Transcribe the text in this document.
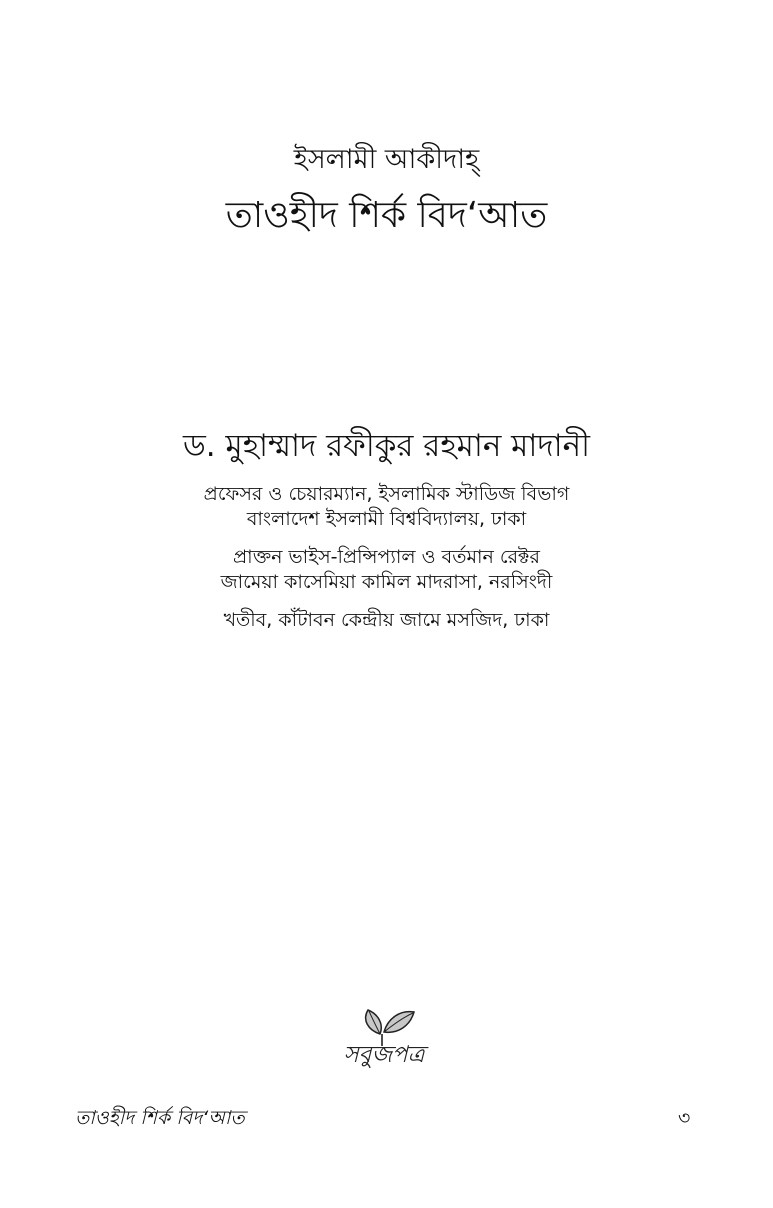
ইসলামী আকীদাহ্
তাওহীদ শির্ক বিদ‘আত
ড. মুহাম্মাদ রফীকুর রহমান মাদানী
প্রফেসর ও চেয়ারম্যান, ইসলামিক স্টাডিজ বিভাগ
বাংলাদেশ ইসলামী বিশ্ববিদ্যালয়, ঢাকা
প্রাক্তন ভাইস-প্রিন্সিপ্যাল ও বর্তমান রেক্টর
জামেয়া কাসেমিয়া কামিল মাদরাসা, নরসিংদী
খতীব, কাঁটাবন কেন্দ্রীয় জামে মসজিদ, ঢাকা
সবুজপত্র
তাওহীদ শির্ক বিদ‘আত	৩
